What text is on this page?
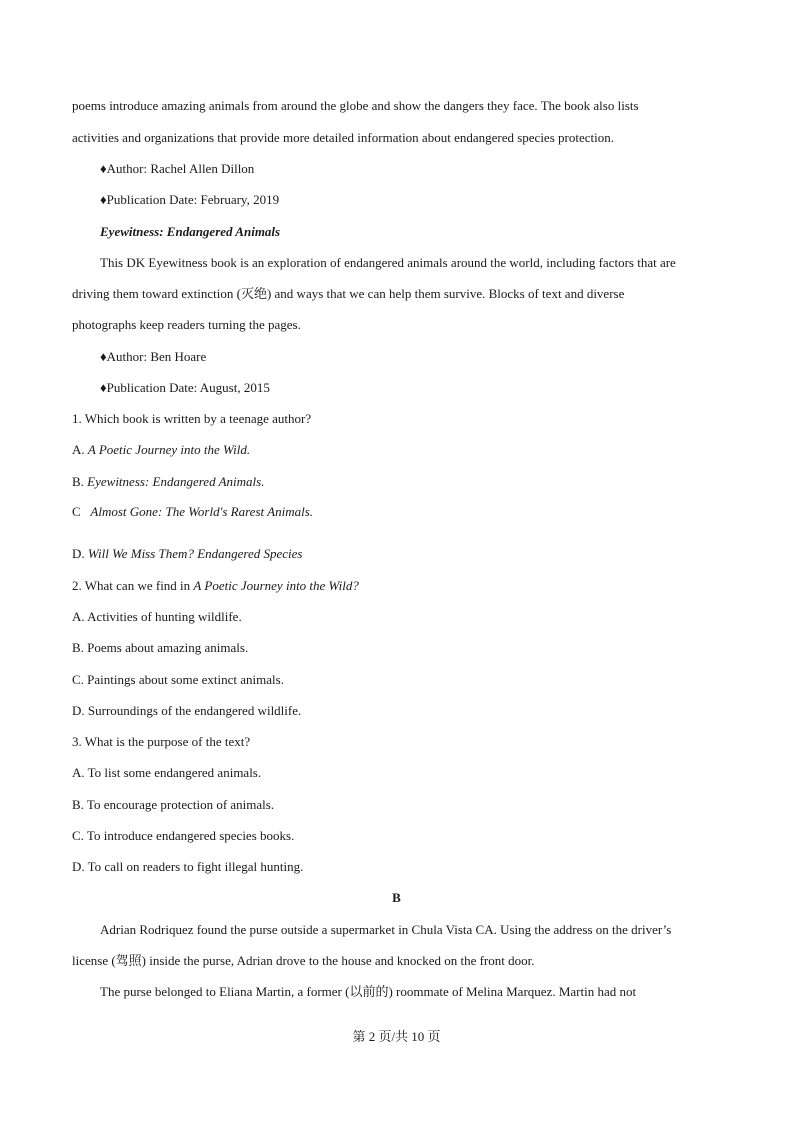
poems introduce amazing animals from around the globe and show the dangers they face. The book also lists
activities and organizations that provide more detailed information about endangered species protection.
♦Author: Rachel Allen Dillon
♦Publication Date: February, 2019
Eyewitness: Endangered Animals
This DK Eyewitness book is an exploration of endangered animals around the world, including factors that are
driving them toward extinction (灭绝) and ways that we can help them survive. Blocks of text and diverse
photographs keep readers turning the pages.
♦Author: Ben Hoare
♦Publication Date: August, 2015
1. Which book is written by a teenage author?
A. A Poetic Journey into the Wild.
B. Eyewitness: Endangered Animals.
C   Almost Gone: The World's Rarest Animals.
D. Will We Miss Them? Endangered Species
2. What can we find in A Poetic Journey into the Wild?
A. Activities of hunting wildlife.
B. Poems about amazing animals.
C. Paintings about some extinct animals.
D. Surroundings of the endangered wildlife.
3. What is the purpose of the text?
A. To list some endangered animals.
B. To encourage protection of animals.
C. To introduce endangered species books.
D. To call on readers to fight illegal hunting.
B
Adrian Rodriquez found the purse outside a supermarket in Chula Vista CA. Using the address on the driver’s
license (驾照) inside the purse, Adrian drove to the house and knocked on the front door.
The purse belonged to Eliana Martin, a former (以前的) roommate of Melina Marquez. Martin had not
第 2 页/共 10 页
